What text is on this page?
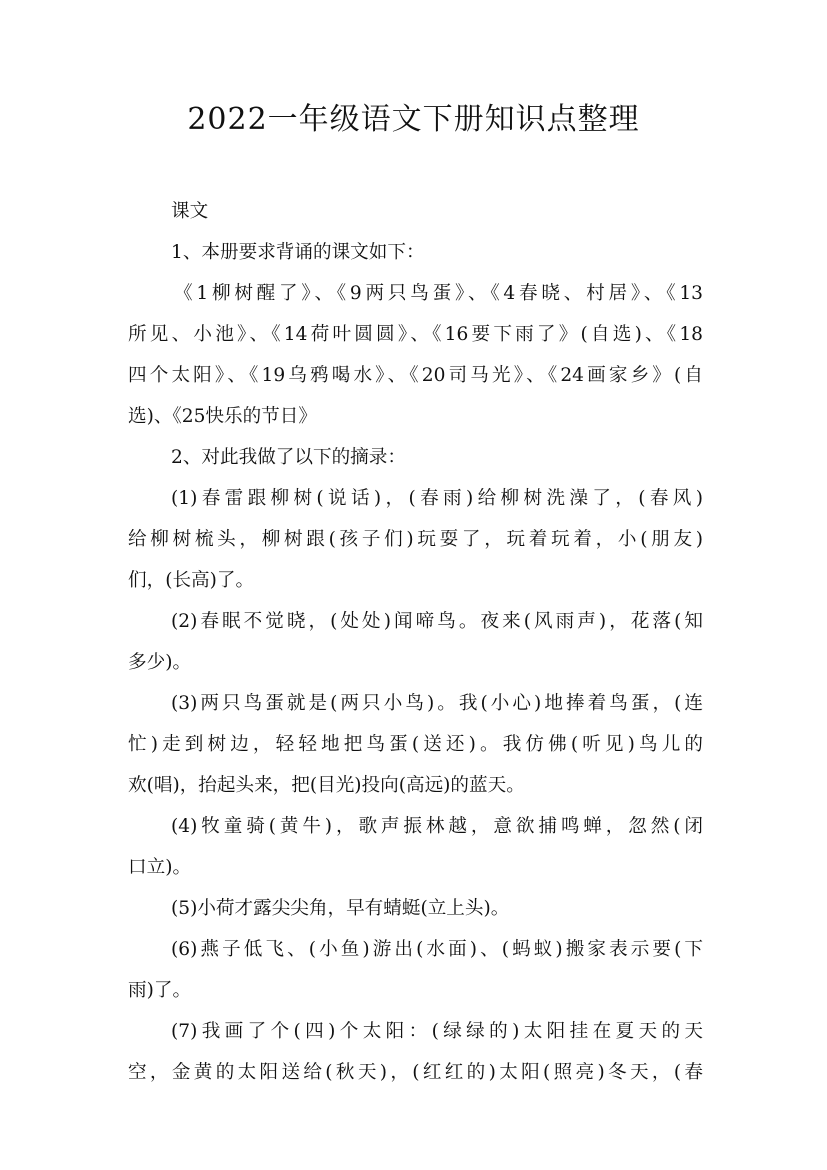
2022一年级语文下册知识点整理
课文
1、本册要求背诵的课文如下：
《1柳树醒了》、《9两只鸟蛋》、《4春晓、村居》、《13
所见、小池》、《14荷叶圆圆》、《16要下雨了》(自选)、《18
四个太阳》、《19乌鸦喝水》、《20司马光》、《24画家乡》(自
选)、《25快乐的节日》
2、对此我做了以下的摘录：
(1)春雷跟柳树(说话)，(春雨)给柳树洗澡了，(春风)
给柳树梳头，柳树跟(孩子们)玩耍了，玩着玩着，小(朋友)
们，(长高)了。
(2)春眠不觉晓，(处处)闻啼鸟。夜来(风雨声)，花落(知
多少)。
(3)两只鸟蛋就是(两只小鸟)。我(小心)地捧着鸟蛋，(连
忙)走到树边，轻轻地把鸟蛋(送还)。我仿佛(听见)鸟儿的
欢(唱)，抬起头来，把(目光)投向(高远)的蓝天。
(4)牧童骑(黄牛)，歌声振林越，意欲捕鸣蝉，忽然(闭
口立)。
(5)小荷才露尖尖角，早有蜻蜓(立上头)。
(6)燕子低飞、(小鱼)游出(水面)、(蚂蚁)搬家表示要(下
雨)了。
(7)我画了个(四)个太阳：(绿绿的)太阳挂在夏天的天
空，金黄的太阳送给(秋天)，(红红的)太阳(照亮)冬天，(春
